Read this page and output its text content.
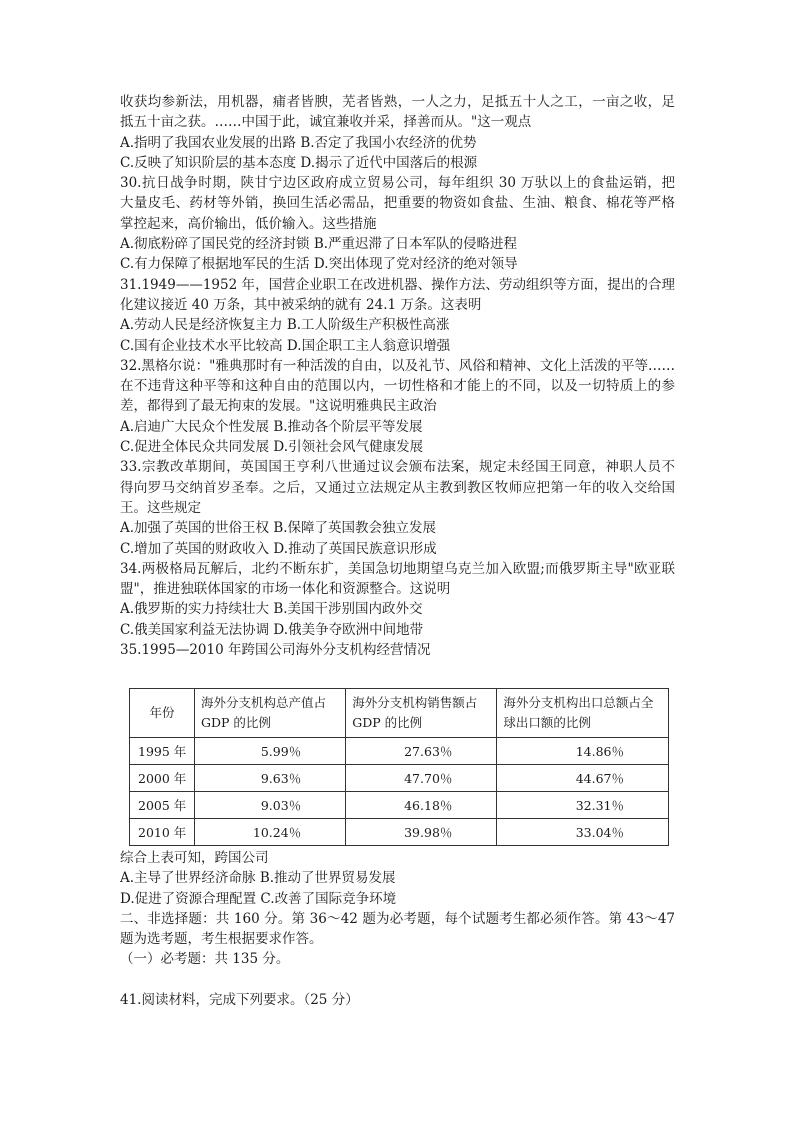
收获均参新法，用机器，痡者皆腴，芜者皆熟，一人之力，足抵五十人之工，一亩之收，足
抵五十亩之获。……中国于此，诚宜兼收并采，择善而从。"这一观点
A.指明了我国农业发展的出路 B.否定了我国小农经济的优势
C.反映了知识阶层的基本态度 D.揭示了近代中国落后的根源
30.抗日战争时期，陕甘宁边区政府成立贸易公司，每年组织 30 万驮以上的食盐运销，把
大量皮毛、药材等外销，换回生活必需品，把重要的物资如食盐、生油、粮食、棉花等严格
掌控起来，高价输出，低价输入。这些措施
A.彻底粉碎了国民党的经济封锁 B.严重迟滞了日本军队的侵略进程
C.有力保障了根据地军民的生活 D.突出体现了党对经济的绝对领导
31.1949——1952 年，国营企业职工在改进机器、操作方法、劳动组织等方面，提出的合理
化建议接近 40 万条，其中被采纳的就有 24.1 万条。这表明
A.劳动人民是经济恢复主力 B.工人阶级生产积极性高涨
C.国有企业技术水平比较高 D.国企职工主人翁意识增强
32.黑格尔说："雅典那时有一种活泼的自由，以及礼节、风俗和精神、文化上活泼的平等……
在不违背这种平等和这种自由的范围以内，一切性格和才能上的不同，以及一切特质上的参
差，都得到了最无拘束的发展。"这说明雅典民主政治
A.启迪广大民众个性发展 B.推动各个阶层平等发展
C.促进全体民众共同发展 D.引领社会风气健康发展
33.宗教改革期间，英国国王亨利八世通过议会颁布法案，规定未经国王同意，神职人员不
得向罗马交纳首岁圣奉。之后，又通过立法规定从主教到教区牧师应把第一年的收入交给国
王。这些规定
A.加强了英国的世俗王权 B.保障了英国教会独立发展
C.增加了英国的财政收入 D.推动了英国民族意识形成
34.两极格局瓦解后，北约不断东扩，美国急切地期望乌克兰加入欧盟;而俄罗斯主导"欧亚联
盟"，推进独联体国家的市场一体化和资源整合。这说明
A.俄罗斯的实力持续壮大 B.美国干涉别国内政外交
C.俄美国家利益无法协调 D.俄美争夺欧洲中间地带
35.1995—2010 年跨国公司海外分支机构经营情况
年份	海外分支机构总产值占GDP 的比例	海外分支机构销售额占GDP 的比例	海外分支机构出口总额占全球出口额的比例
1995 年	5.99％	27.63％	14.86％
2000 年	9.63％	47.70％	44.67％
2005 年	9.03％	46.18％	32.31％
2010 年	10.24％	39.98％	33.04％
综合上表可知，跨国公司
A.主导了世界经济命脉 B.推动了世界贸易发展
D.促进了资源合理配置 C.改善了国际竞争环境
二、非选择题：共 160 分。第 36～42 题为必考题，每个试题考生都必须作答。第 43～47
题为选考题，考生根据要求作答。
（一）必考题：共 135 分。
41.阅读材料，完成下列要求。（25 分）
